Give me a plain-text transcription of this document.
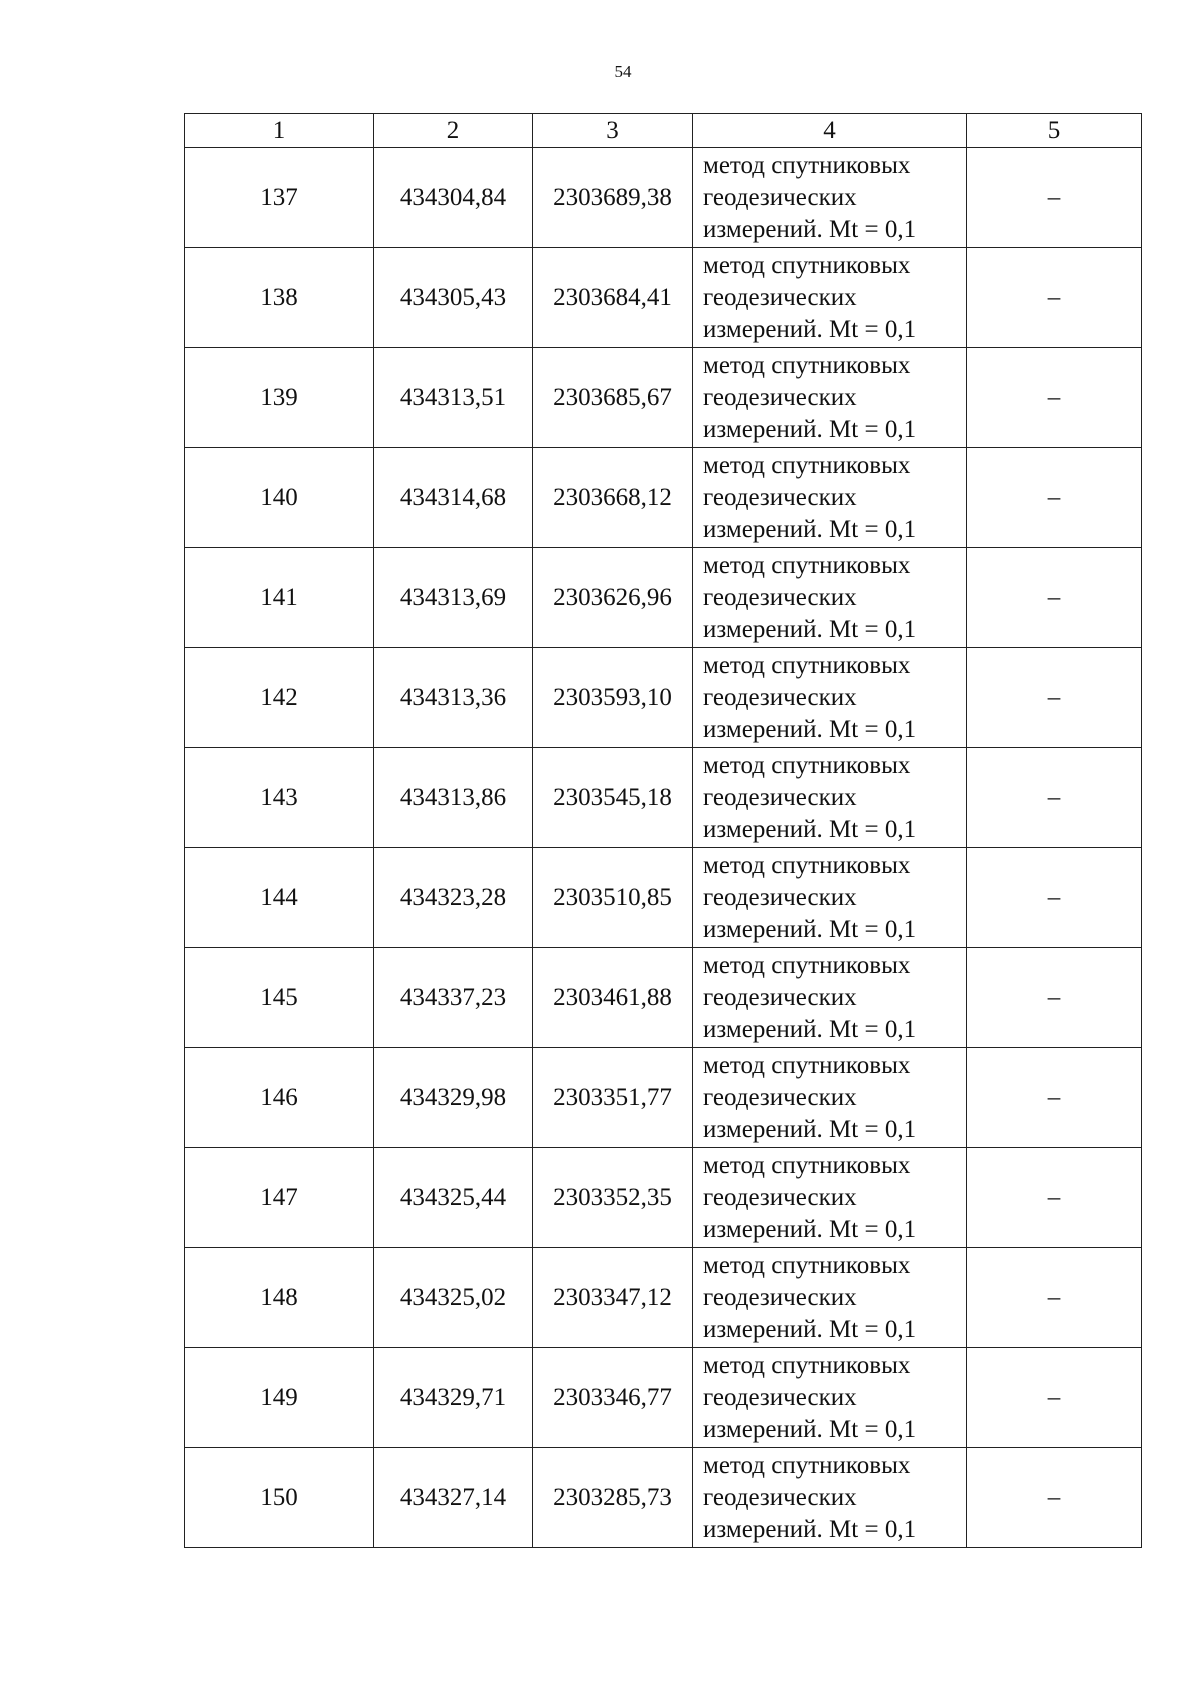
54
1	2	3	4	5
137	434304,84	2303689,38	метод спутниковых
геодезических
измерений. Mt = 0,1	–
138	434305,43	2303684,41	метод спутниковых
геодезических
измерений. Mt = 0,1	–
139	434313,51	2303685,67	метод спутниковых
геодезических
измерений. Mt = 0,1	–
140	434314,68	2303668,12	метод спутниковых
геодезических
измерений. Mt = 0,1	–
141	434313,69	2303626,96	метод спутниковых
геодезических
измерений. Mt = 0,1	–
142	434313,36	2303593,10	метод спутниковых
геодезических
измерений. Mt = 0,1	–
143	434313,86	2303545,18	метод спутниковых
геодезических
измерений. Mt = 0,1	–
144	434323,28	2303510,85	метод спутниковых
геодезических
измерений. Mt = 0,1	–
145	434337,23	2303461,88	метод спутниковых
геодезических
измерений. Mt = 0,1	–
146	434329,98	2303351,77	метод спутниковых
геодезических
измерений. Mt = 0,1	–
147	434325,44	2303352,35	метод спутниковых
геодезических
измерений. Mt = 0,1	–
148	434325,02	2303347,12	метод спутниковых
геодезических
измерений. Mt = 0,1	–
149	434329,71	2303346,77	метод спутниковых
геодезических
измерений. Mt = 0,1	–
150	434327,14	2303285,73	метод спутниковых
геодезических
измерений. Mt = 0,1	–
